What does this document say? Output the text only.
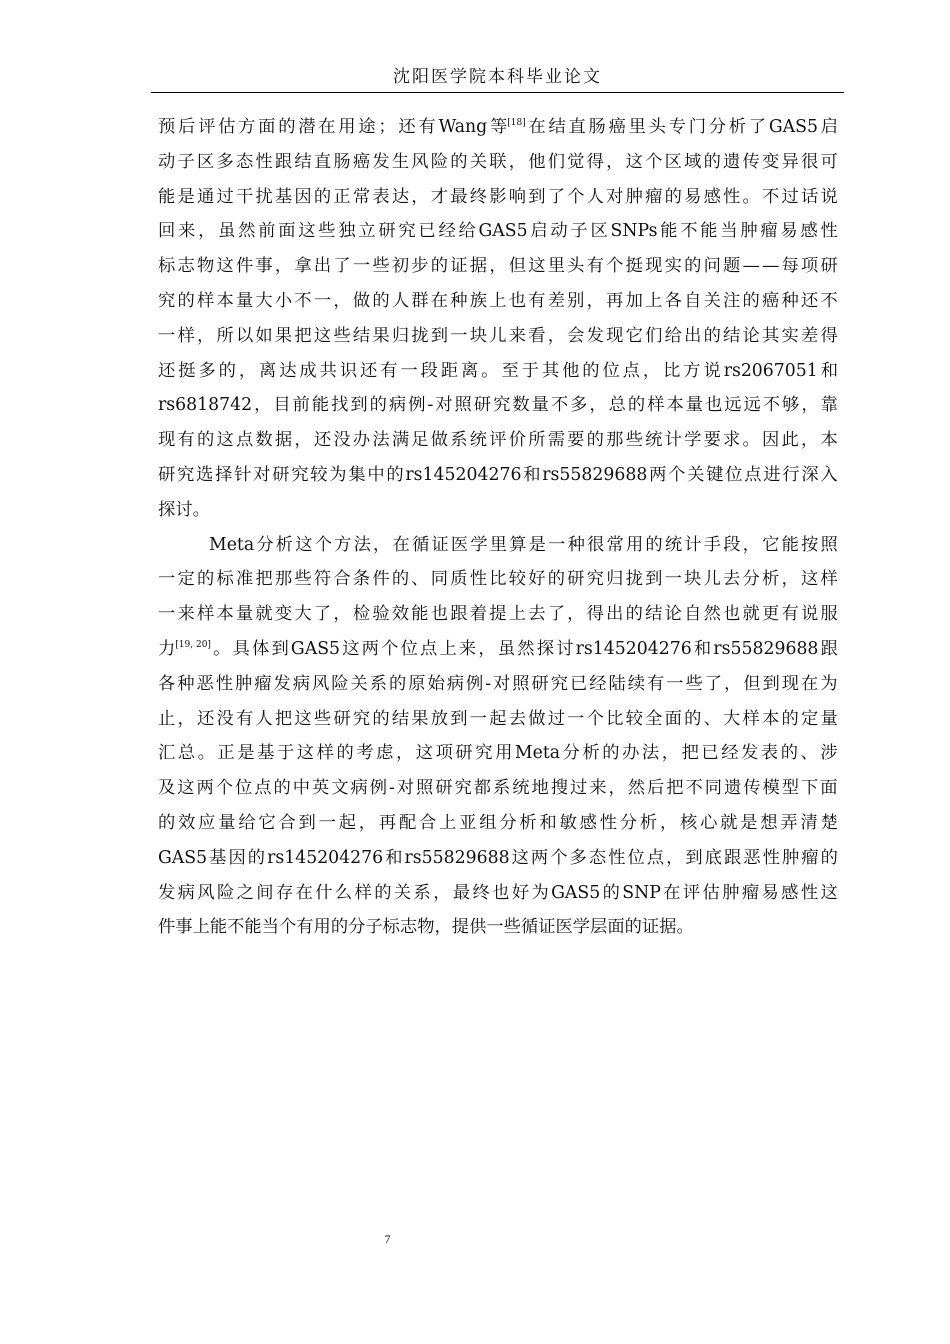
沈阳医学院本科毕业论文
预 后 评 估 方 面 的 潜 在 用 途 ； 还 有 Wang 等[18] 在 结 直 肠 癌 里 头 专 门 分 析 了 GAS5 启
动 子 区 多 态 性 跟 结 直 肠 癌 发 生 风 险 的 关 联 ， 他 们 觉 得 ， 这 个 区 域 的 遗 传 变 异 很 可
能 是 通 过 干 扰 基 因 的 正 常 表 达 ， 才 最 终 影 响 到 了 个 人 对 肿 瘤 的 易 感 性 。 不 过 话 说
回 来 ， 虽 然 前 面 这 些 独 立 研 究 已 经 给 GAS5 启 动 子 区 SNPs 能 不 能 当 肿 瘤 易 感 性
标 志 物 这 件 事 ， 拿 出 了 一 些 初 步 的 证 据 ， 但 这 里 头 有 个 挺 现 实 的 问 题 — — 每 项 研
究 的 样 本 量 大 小 不 一 ， 做 的 人 群 在 种 族 上 也 有 差 别 ， 再 加 上 各 自 关 注 的 癌 种 还 不
一 样 ， 所 以 如 果 把 这 些 结 果 归 拢 到 一 块 儿 来 看 ， 会 发 现 它 们 给 出 的 结 论 其 实 差 得
还 挺 多 的 ， 离 达 成 共 识 还 有 一 段 距 离 。 至 于 其 他 的 位 点 ， 比 方 说 rs2067051 和
rs6818742 ， 目 前 能 找 到 的 病 例 - 对 照 研 究 数 量 不 多 ， 总 的 样 本 量 也 远 远 不 够 ， 靠
现 有 的 这 点 数 据 ， 还 没 办 法 满 足 做 系 统 评 价 所 需 要 的 那 些 统 计 学 要 求 。 因 此 ， 本
研 究 选 择 针 对 研 究 较 为 集 中 的 rs145204276 和 rs55829688 两 个 关 键 位 点 进 行 深 入
探讨。
Meta 分 析 这 个 方 法 ， 在 循 证 医 学 里 算 是 一 种 很 常 用 的 统 计 手 段 ， 它 能 按 照
一 定 的 标 准 把 那 些 符 合 条 件 的 、 同 质 性 比 较 好 的 研 究 归 拢 到 一 块 儿 去 分 析 ， 这 样
一 来 样 本 量 就 变 大 了 ， 检 验 效 能 也 跟 着 提 上 去 了 ， 得 出 的 结 论 自 然 也 就 更 有 说 服
力[19, 20] 。 具 体 到 GAS5 这 两 个 位 点 上 来 ， 虽 然 探 讨 rs145204276 和 rs55829688 跟
各 种 恶 性 肿 瘤 发 病 风 险 关 系 的 原 始 病 例 - 对 照 研 究 已 经 陆 续 有 一 些 了 ， 但 到 现 在 为
止 ， 还 没 有 人 把 这 些 研 究 的 结 果 放 到 一 起 去 做 过 一 个 比 较 全 面 的 、 大 样 本 的 定 量
汇 总 。 正 是 基 于 这 样 的 考 虑 ， 这 项 研 究 用 Meta 分 析 的 办 法 ， 把 已 经 发 表 的 、 涉
及 这 两 个 位 点 的 中 英 文 病 例 - 对 照 研 究 都 系 统 地 搜 过 来 ， 然 后 把 不 同 遗 传 模 型 下 面
的 效 应 量 给 它 合 到 一 起 ， 再 配 合 上 亚 组 分 析 和 敏 感 性 分 析 ， 核 心 就 是 想 弄 清 楚
GAS5 基 因 的 rs145204276 和 rs55829688 这 两 个 多 态 性 位 点 ， 到 底 跟 恶 性 肿 瘤 的
发 病 风 险 之 间 存 在 什 么 样 的 关 系 ， 最 终 也 好 为 GAS5 的 SNP 在 评 估 肿 瘤 易 感 性 这
件事上能不能当个有用的分子标志物，提供一些循证医学层面的证据。
7
